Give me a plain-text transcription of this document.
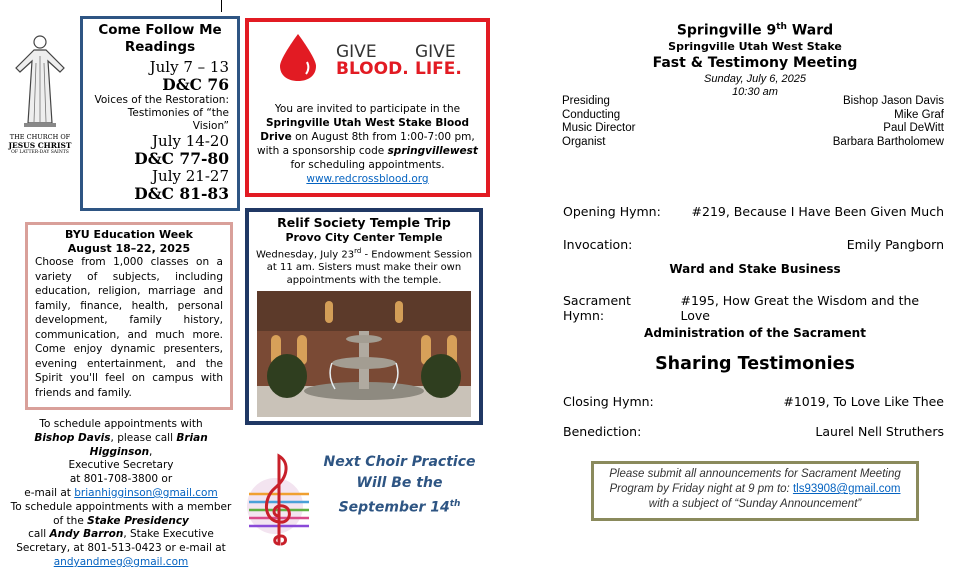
THE CHURCH OF
JESUS CHRIST
OF LATTER-DAY SAINTS
Come Follow Me Readings
July 7 – 13
D&C 76
Voices of the Restoration: Testimonies of “the Vision”
July 14-20
D&C 77-80
July 21-27
D&C 81-83
GIVE
BLOOD.
GIVE
LIFE.
You are invited to participate in the Springville Utah West Stake Blood Drive on August 8th from 1:00-7:00 pm, with a sponsorship code springvillewest for scheduling appointments.
www.redcrossblood.org
BYU Education Week
August 18–22, 2025
Choose from 1,000 classes on a variety of subjects, including education, religion, marriage and family, finance, health, personal development, family history, communication, and much more. Come enjoy dynamic presenters, evening entertainment, and the Spirit you'll feel on campus with friends and family.
Relif Society Temple Trip
Provo City Center Temple
Wednesday, July 23rd - Endowment Session at 11 am. Sisters must make their own appointments with the temple.
To schedule appointments with
Bishop Davis, please call Brian Higginson,
Executive Secretary
at 801-708-3800 or
e-mail at brianhigginson@gmail.com
To schedule appointments with a member of the Stake Presidency
call Andy Barron, Stake Executive Secretary, at 801-513-0423 or e-mail at
andyandmeg@gmail.com
Next Choir Practice
Will Be the
September 14th
Springville 9th Ward
Springville Utah West Stake
Fast & Testimony Meeting
Sunday, July 6, 2025
10:30 am
Presiding	Bishop Jason Davis
Conducting	Mike Graf
Music Director	Paul DeWitt
Organist	Barbara Bartholomew
Opening Hymn: #219, Because I Have Been Given Much
Invocation:	Emily Pangborn
Ward and Stake Business
Sacrament Hymn:
#195, How Great the Wisdom and the Love
Administration of the Sacrament
Sharing Testimonies
Closing Hymn:	#1019, To Love Like Thee
Benediction:	Laurel Nell Struthers
Please submit all announcements for Sacrament Meeting
Program by Friday night at 9 pm to: tls93908@gmail.com
with a subject of “Sunday Announcement”
